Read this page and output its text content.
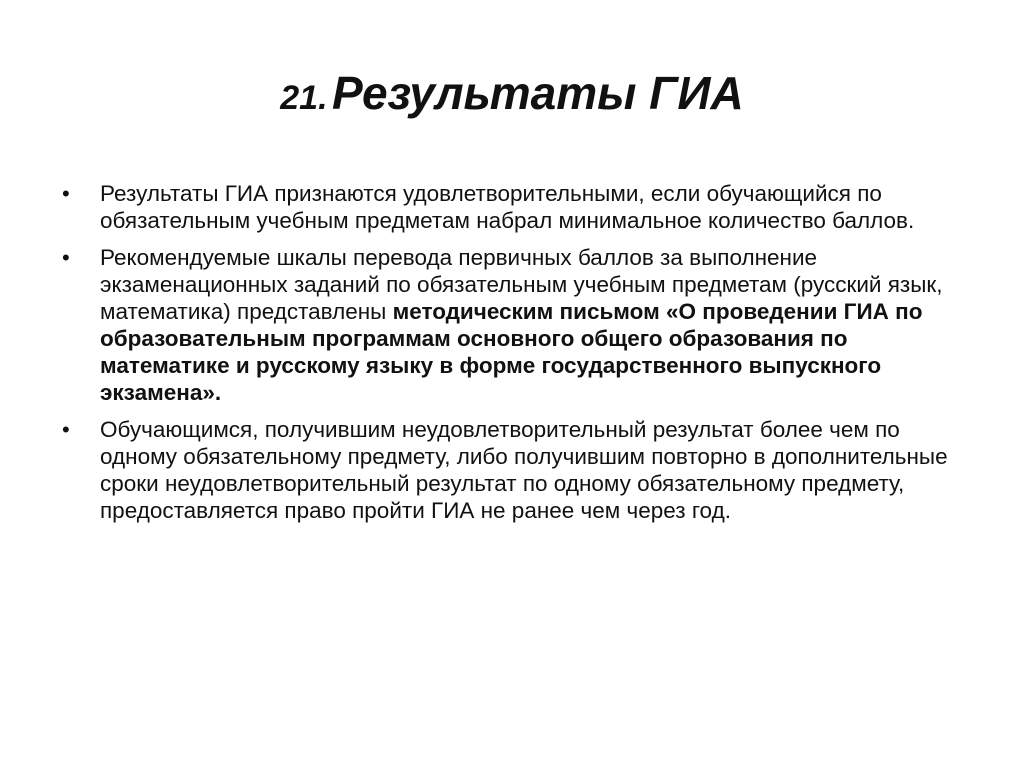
21. Результаты ГИА
•	Результаты ГИА признаются удовлетворительными, если обучающийся по обязательным учебным предметам набрал минимальное количество баллов.
•	Рекомендуемые шкалы перевода первичных баллов за выполнение экзаменационных заданий по обязательным учебным предметам (русский язык, математика) представлены методическим письмом «О проведении ГИА по образовательным программам основного общего образования по математике и русскому языку в форме государственного выпускного экзамена».
•	Обучающимся, получившим неудовлетворительный результат более чем по одному обязательному предмету, либо получившим повторно в дополнительные сроки неудовлетворительный результат по одному обязательному предмету, предоставляется право пройти ГИА не ранее чем через год.
